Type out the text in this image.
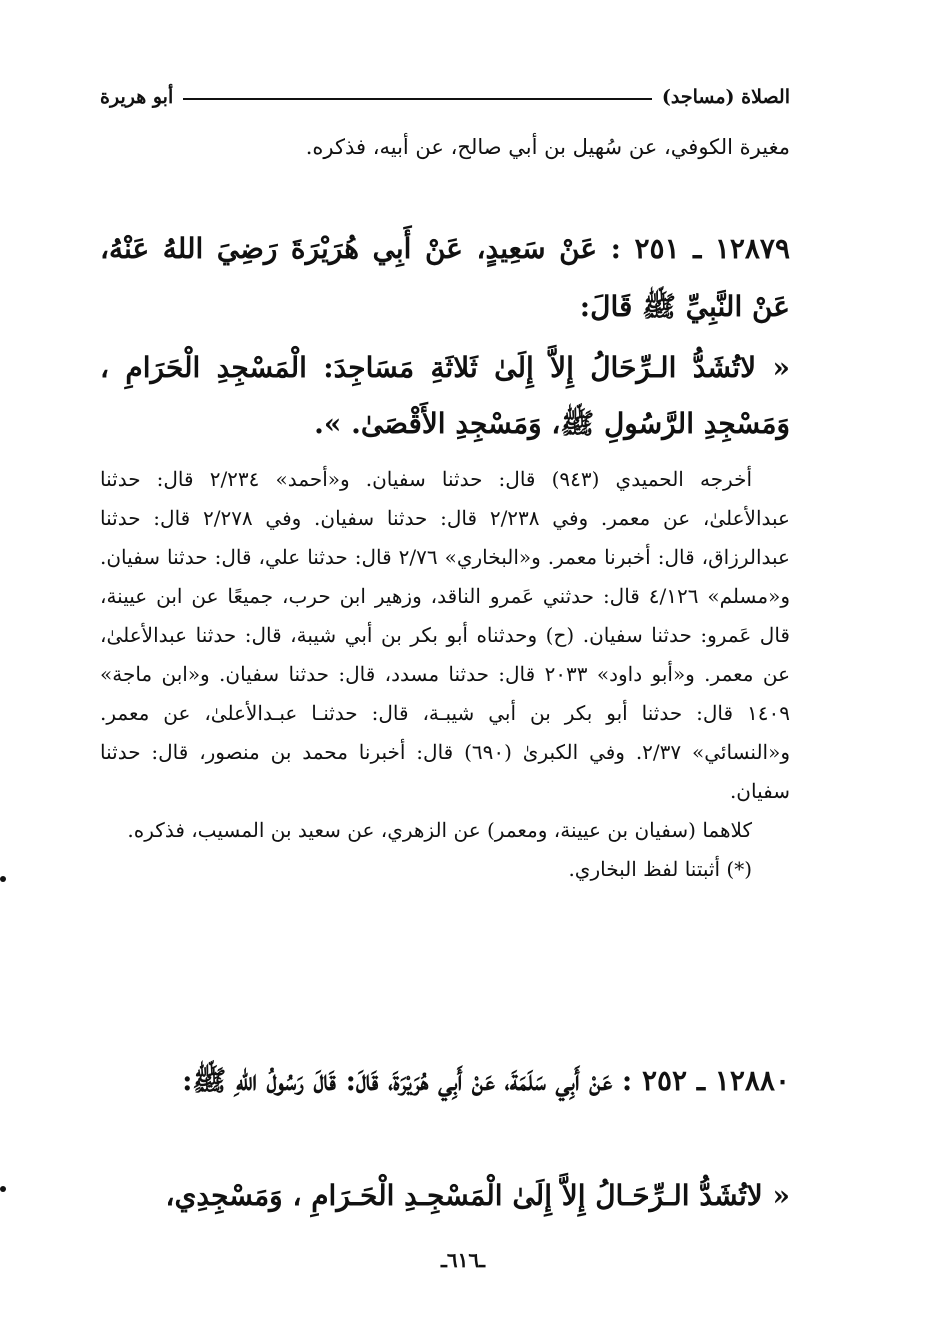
الصلاة (مساجد)
أبو هريرة
مغيرة الكوفي، عن سُهيل بن أبي صالح، عن أبيه، فذكره.
١٢٨٧٩ ـ ٢٥١ : عَنْ سَعِيدٍ، عَنْ أَبِي هُرَيْرَةَ رَضِيَ اللهُ عَنْهُ، عَنْ النَّبِيِّ ﷺ قَالَ:
« لاتُشَدُّ الـرِّحَالُ إِلاَّ إِلَىٰ ثَلاثَةِ مَسَاجِدَ: الْمَسْجِدِ الْحَرَامِ ، وَمَسْجِدِ الرَّسُولِ ﷺ، وَمَسْجِدِ الأَقْصَىٰ. ».
أخرجه الحميدي (٩٤٣) قال: حدثنا سفيان. و«أحمد» ٢/٢٣٤ قال: حدثنا عبدالأعلىٰ، عن معمر. وفي ٢/٢٣٨ قال: حدثنا سفيان. وفي ٢/٢٧٨ قال: حدثنا عبدالرزاق، قال: أخبرنا معمر. و«البخاري» ٢/٧٦ قال: حدثنا علي، قال: حدثنا سفيان. و«مسلم» ٤/١٢٦ قال: حدثني عَمرو الناقد، وزهير ابن حرب، جميعًا عن ابن عيينة، قال عَمرو: حدثنا سفيان. (ح) وحدثناه أبو بكر بن أبي شيبة، قال: حدثنا عبدالأعلىٰ، عن معمر. و«أبو داود» ٢٠٣٣ قال: حدثنا مسدد، قال: حدثنا سفيان. و«ابن ماجة» ١٤٠٩ قال: حدثنا أبو بكر بن أبي شيبـة، قال: حدثنـا عبـدالأعلىٰ، عن معمر. و«النسائي» ٢/٣٧. وفي الكبرىٰ (٦٩٠) قال: أخبرنا محمد بن منصور، قال: حدثنا سفيان.
كلاهما (سفيان بن عيينة، ومعمر) عن الزهري، عن سعيد بن المسيب، فذكره.
(*) أثبتنا لفظ البخاري.
١٢٨٨٠ ـ ٢٥٢ : عَنْ أَبِي سَلَمَةَ، عَنْ أَبِي هُرَيْرَةَ، قَالَ: قَالَ رَسُولُ اللهِ ﷺ:
« لاتُشَدُّ الـرِّحَـالُ إِلاَّ إِلَىٰ الْمَسْجِـدِ الْحَـرَامِ ، وَمَسْجِدِي،
ـ٦١٦ـ
